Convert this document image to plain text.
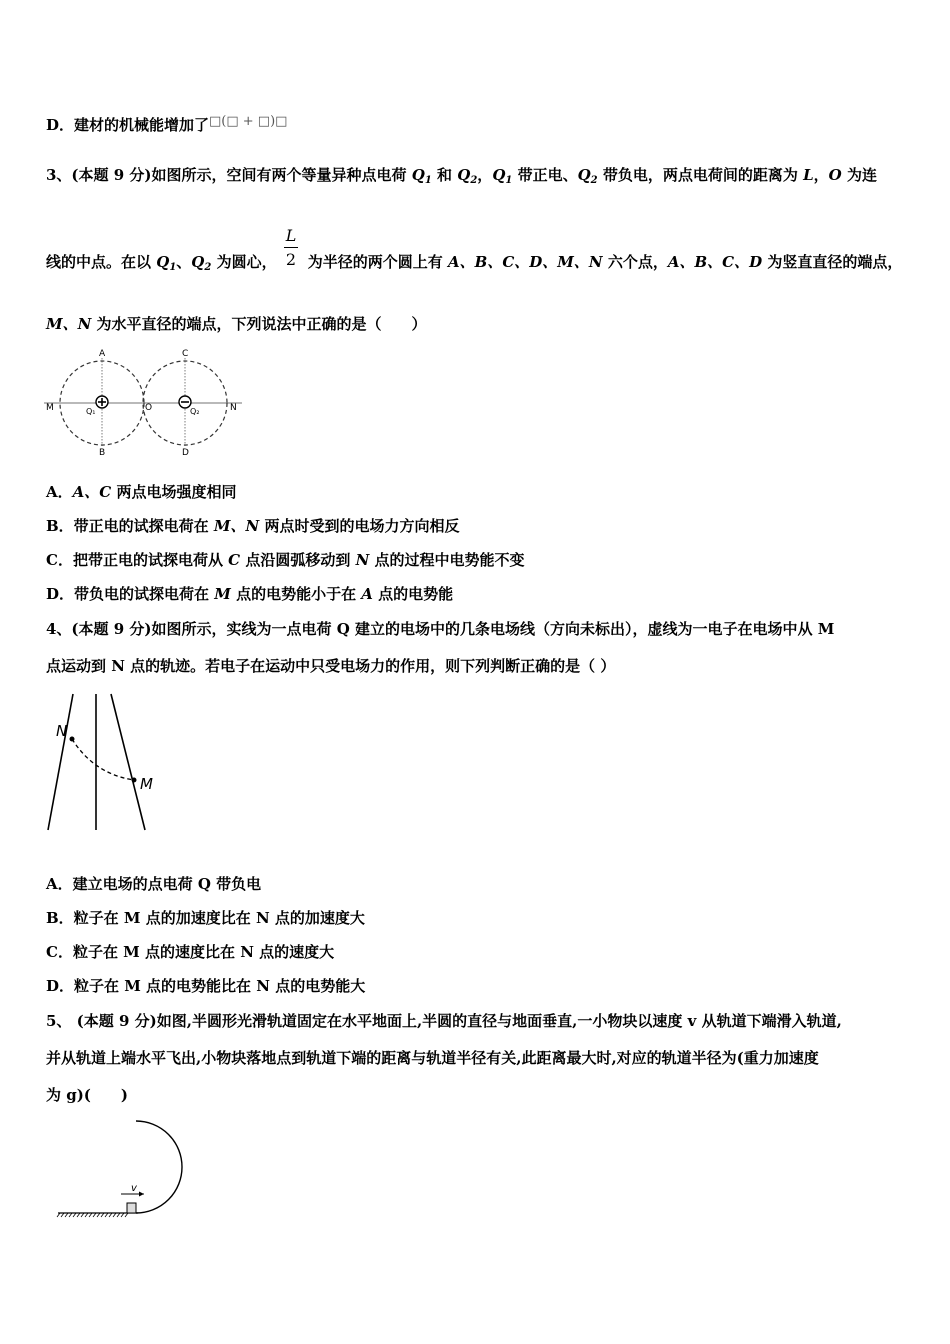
D．建材的机械能增加了□(□ + □)□
3、(本题 9 分)如图所示，空间有两个等量异种点电荷 $Q_1$ 和 $Q_2$，$Q_1$ 带正电、$Q_2$ 带负电，两点电荷间的距离为 L，O 为连
L
2
线的中点。在以 $Q_1$、$Q_2$ 为圆心， 为半径的两个圆上有 A、B、C、D、M、N 六个点，A、B、C、D 为竖直直径的端点，
M、N 为水平直径的端点，下列说法中正确的是（　　）
A	C
B	D
M	N
O
Q₁	Q₂
A．A、C 两点电场强度相同
B．带正电的试探电荷在 M、N 两点时受到的电场力方向相反
C．把带正电的试探电荷从 C 点沿圆弧移动到 N 点的过程中电势能不变
D．带负电的试探电荷在 M 点的电势能小于在 A 点的电势能
4、(本题 9 分)如图所示，实线为一点电荷 Q 建立的电场中的几条电场线（方向未标出），虚线为一电子在电场中从 M
点运动到 N 点的轨迹。若电子在运动中只受电场力的作用，则下列判断正确的是（ ）
N
M
A．建立电场的点电荷 Q 带负电
B．粒子在 M 点的加速度比在 N 点的加速度大
C．粒子在 M 点的速度比在 N 点的速度大
D．粒子在 M 点的电势能比在 N 点的电势能大
5、 (本题 9 分)如图,半圆形光滑轨道固定在水平地面上,半圆的直径与地面垂直,一小物块以速度 v 从轨道下端滑入轨道,
并从轨道上端水平飞出,小物块落地点到轨道下端的距离与轨道半径有关,此距离最大时,对应的轨道半径为(重力加速度
为 g)(　　)
v
